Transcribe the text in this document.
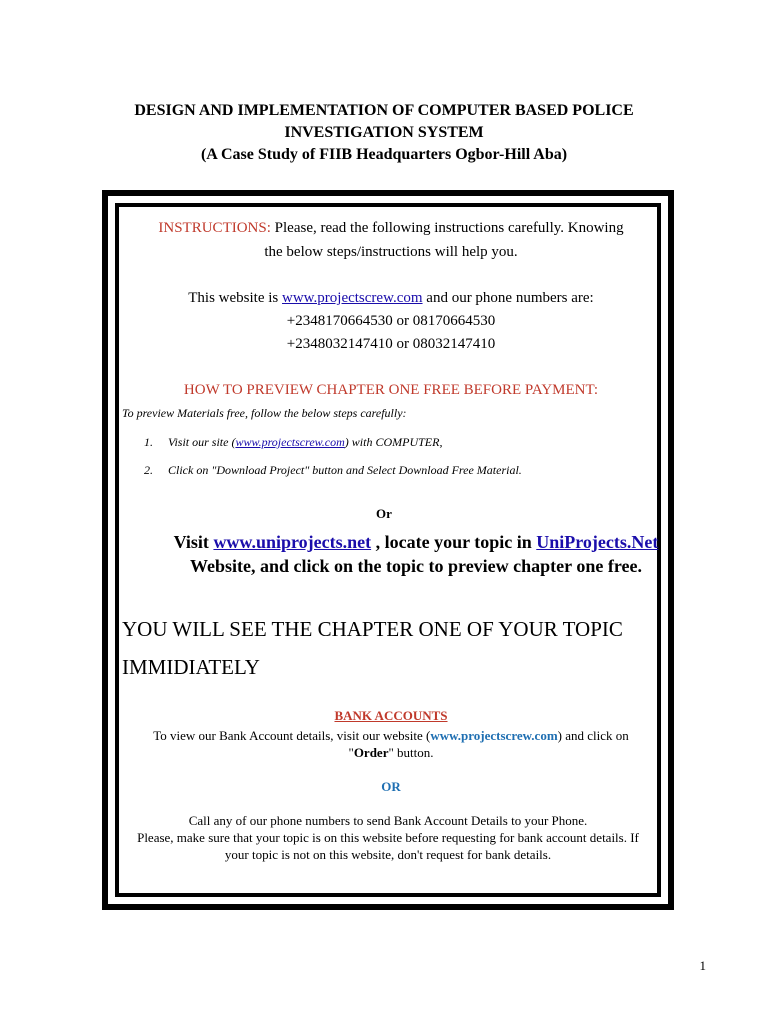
DESIGN AND IMPLEMENTATION OF COMPUTER BASED POLICE
INVESTIGATION SYSTEM
(A Case Study of FIIB Headquarters Ogbor-Hill Aba)
INSTRUCTIONS: Please, read the following instructions carefully. Knowing
the below steps/instructions will help you.
This website is www.projectscrew.com and our phone numbers are:
+2348170664530 or 08170664530
+2348032147410 or 08032147410
HOW TO PREVIEW CHAPTER ONE FREE BEFORE PAYMENT:
To preview Materials free, follow the below steps carefully:
1. Visit our site (www.projectscrew.com) with COMPUTER,
2. Click on "Download Project" button and Select Download Free Material.
Or
Visit www.uniprojects.net , locate your topic in UniProjects.Net
Website, and click on the topic to preview chapter one free.
YOU WILL SEE THE CHAPTER ONE OF YOUR TOPIC
IMMIDIATELY
BANK ACCOUNTS
To view our Bank Account details, visit our website (www.projectscrew.com) and click on
"Order" button.
OR
Call any of our phone numbers to send Bank Account Details to your Phone.
Please, make sure that your topic is on this website before requesting for bank account details. If
your topic is not on this website, don't request for bank details.
1
